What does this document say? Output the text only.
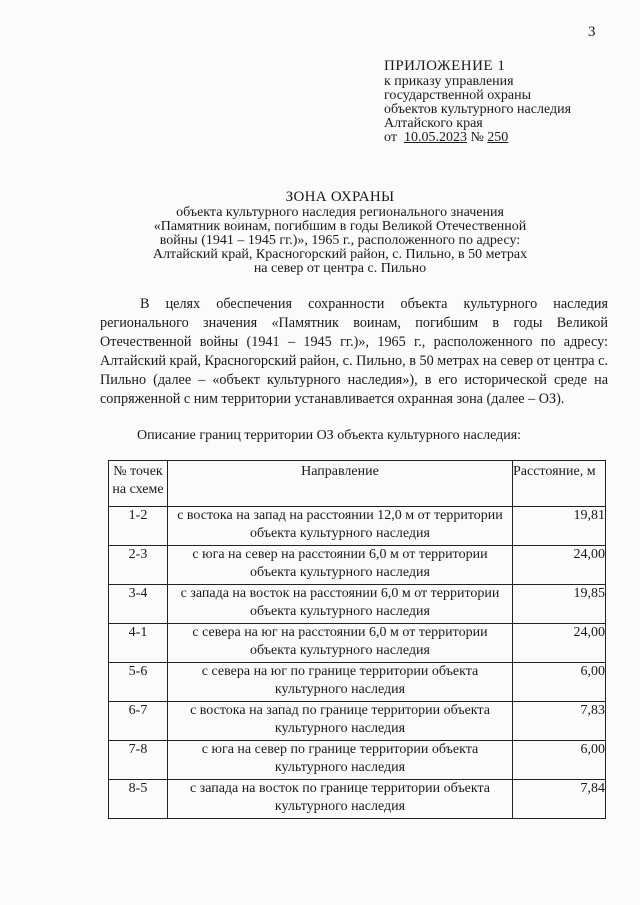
3
ПРИЛОЖЕНИЕ 1
к приказу управления
государственной охраны
объектов культурного наследия
Алтайского края
от 10.05.2023 № 250
ЗОНА ОХРАНЫ
объекта культурного наследия регионального значения
«Памятник воинам, погибшим в годы Великой Отечественной
войны (1941 – 1945 гг.)», 1965 г., расположенного по адресу:
Алтайский край, Красногорский район, с. Пильно, в 50 метрах
на север от центра с. Пильно

В целях обеспечения сохранности объекта культурного наследия регионального значения «Памятник воинам, погибшим в годы Великой Отечественной войны (1941 – 1945 гг.)», 1965 г., расположенного по адресу: Алтайский край, Красногорский район, с. Пильно, в 50 метрах на север от центра с. Пильно (далее – «объект культурного наследия»), в его исторической среде на сопряженной с ним территории устанавливается охранная зона (далее – ОЗ).

Описание границ территории ОЗ объекта культурного наследия:
№ точек на схеме	Направление	Расстояние, м
1-2	с востока на запад на расстоянии 12,0 м от территории объекта культурного наследия	19,81
2-3	с юга на север на расстоянии 6,0 м от территории объекта культурного наследия	24,00
3-4	с запада на восток на расстоянии 6,0 м от территории объекта культурного наследия	19,85
4-1	с севера на юг на расстоянии 6,0 м от территории объекта культурного наследия	24,00
5-6	с севера на юг по границе территории объекта культурного наследия	6,00
6-7	с востока на запад по границе территории объекта культурного наследия	7,83
7-8	с юга на север по границе территории объекта культурного наследия	6,00
8-5	с запада на восток по границе территории объекта культурного наследия	7,84
